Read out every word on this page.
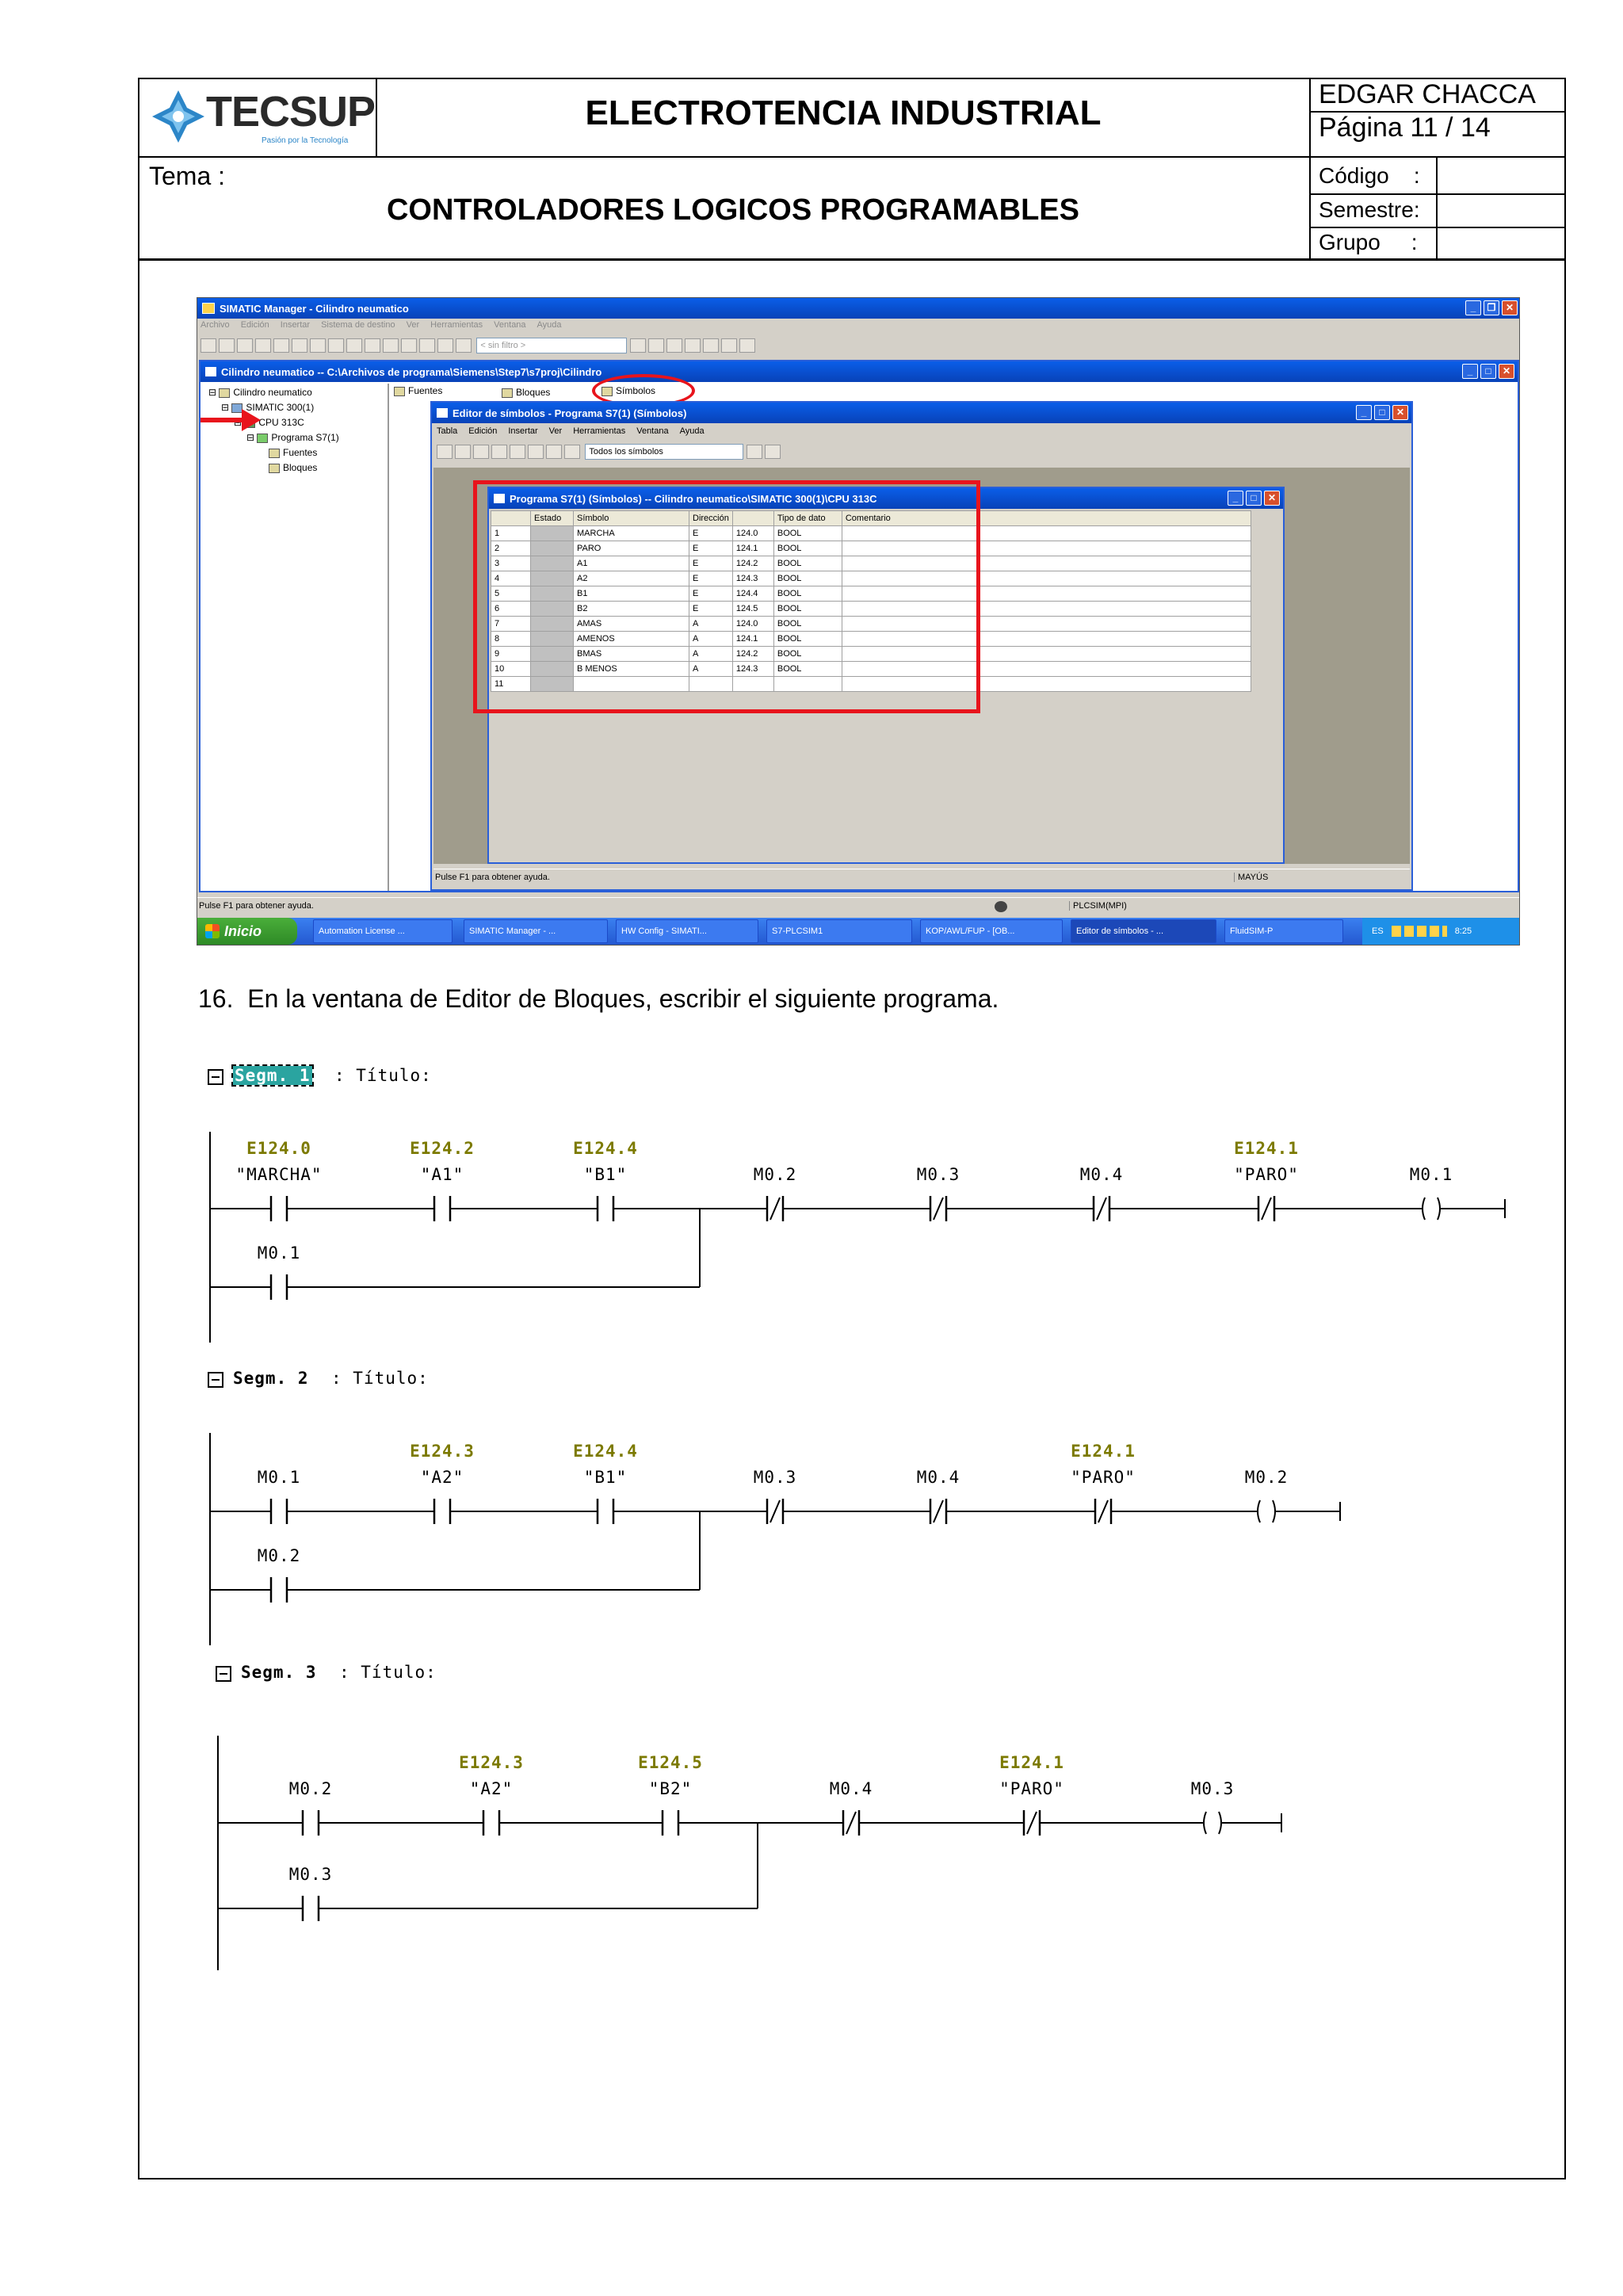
TECSUP
Pasión por la Tecnología
ELECTROTENCIA INDUSTRIAL	EDGAR CHACCA
Página 11 / 14
Tema :
CONTROLADORES LOGICOS PROGRAMABLES
Código    :
Semestre:
Grupo     :
SIMATIC Manager - Cilindro neumatico	_ ❐ ✕
Archivo Edición Insertar Sistema de destino Ver Herramientas Ventana Ayuda
< sin filtro >
Cilindro neumatico -- C:\Archivos de programa\Siemens\Step7\s7proj\Cilindro	_ □ ✕
⊟ Cilindro neumatico
⊟ SIMATIC 300(1)
CPU 313C
⊟ Programa S7(1)
Fuentes
Bloques
Fuentes	Bloques	Símbolos
Editor de símbolos - Programa S7(1) (Símbolos)	_ □ ✕
Tabla Edición Insertar Ver Herramientas Ventana Ayuda
Todos los símbolos
Programa S7(1) (Símbolos) -- Cilindro neumatico\SIMATIC 300(1)\CPU 313C	_ □ ✕
	Estado	Símbolo	Dirección		Tipo de dato	Comentario
1		MARCHA	E	124.0	BOOL	
2		PARO	E	124.1	BOOL	
3		A1	E	124.2	BOOL	
4		A2	E	124.3	BOOL	
5		B1	E	124.4	BOOL	
6		B2	E	124.5	BOOL	
7		AMAS	A	124.0	BOOL	
8		AMENOS	A	124.1	BOOL	
9		BMAS	A	124.2	BOOL	
10		B MENOS	A	124.3	BOOL	
11						
Pulse F1 para obtener ayuda.	MAYÚS
Pulse F1 para obtener ayuda.	PLCSIM(MPI)
Inicio	Automation License ...	SIMATIC Manager - ...	HW Config - SIMATI...	S7-PLCSIM1	KOP/AWL/FUP - [OB...	Editor de símbolos - ...	FluidSIM-P	ES	8:25
16.  En la ventana de Editor de Bloques, escribir el siguiente programa.
Segm. 1 : Título:
E124.0
"MARCHA"
E124.2
"A1"
E124.4
"B1"	M0.2	M0.3	M0.4
E124.1
"PARO"	M0.1
M0.1
Segm. 2 : Título:
M0.1
E124.3
"A2"
E124.4
"B1"	M0.3	M0.4
E124.1
"PARO"	M0.2
M0.2
Segm. 3 : Título:
M0.2
E124.3
"A2"
E124.5
"B2"	M0.4
E124.1
"PARO"	M0.3
M0.3
